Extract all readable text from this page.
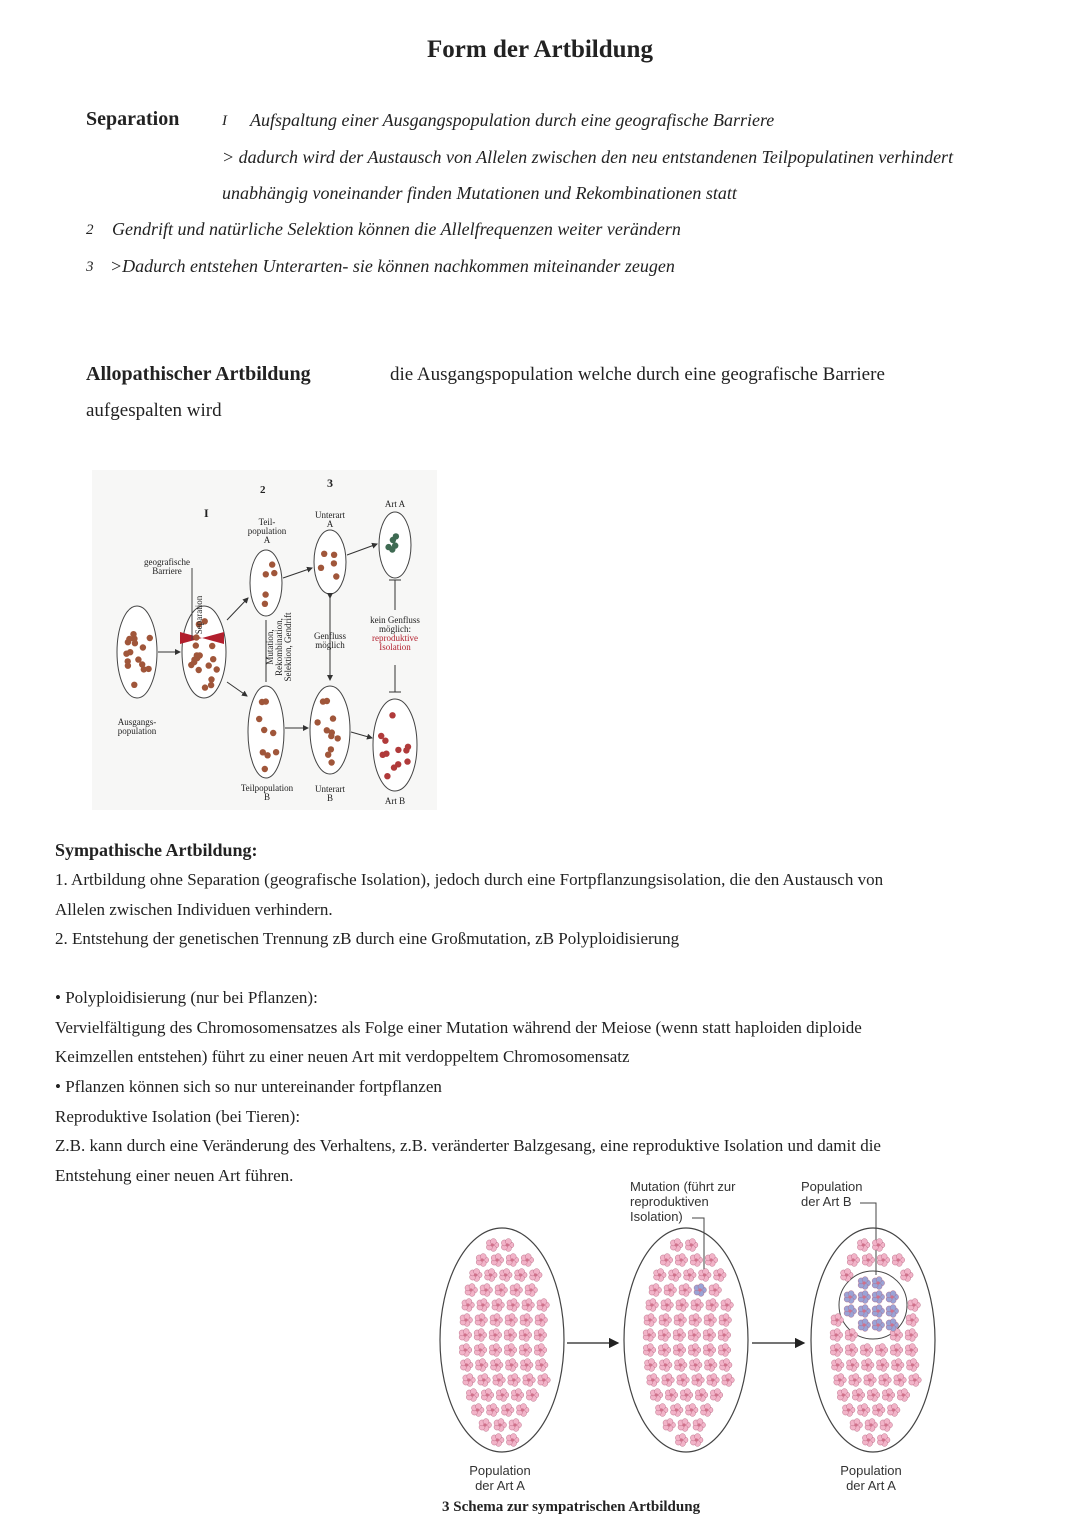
Form der Artbildung
Separation	I Aufspaltung einer Ausgangspopulation durch eine geografische Barriere
> dadurch wird der Austausch von Allelen zwischen den neu entstandenen Teilpopulatinen verhindert
unabhängig voneinander finden Mutationen und Rekombinationen statt
2 Gendrift und natürliche Selektion können die Allelfrequenzen weiter verändern
3 >Dadurch entstehen Unterarten- sie können nachkommen miteinander zeugen
Allopathischer Artbildung	die Ausgangspopulation welche durch eine geografische Barriere
aufgespalten wird
I
2	3
geografische
Barriere
Ausgangs-
population
Teil-
population
A
Teilpopulation
B
Unterart
A
Unterart
B
Art A
Art B
Genfluss
möglich
kein Genfluss
möglich:
reproduktive
Isolation
Separation
Mutation, Rekombination, Selektion, Gendrift
Sympathische Artbildung:
1. Artbildung ohne Separation (geografische Isolation), jedoch durch eine Fortpflanzungsisolation, die den Austausch von
Allelen zwischen Individuen verhindern.
2. Entstehung der genetischen Trennung zB durch eine Großmutation, zB Polyploidisierung
• Polyploidisierung (nur bei Pflanzen):
Vervielfältigung des Chromosomensatzes als Folge einer Mutation während der Meiose (wenn statt haploiden diploide
Keimzellen entstehen) führt zu einer neuen Art mit verdoppeltem Chromosomensatz
• Pflanzen können sich so nur untereinander fortpflanzen
Reproduktive Isolation (bei Tieren):
Z.B. kann durch eine Veränderung des Verhaltens, z.B. veränderter Balzgesang, eine reproduktive Isolation und damit die
Entstehung einer neuen Art führen.
Mutation (führt zur
reproduktiven
Isolation)
Population
der Art B
Population
der Art A
Population
der Art A
3 Schema zur sympatrischen Artbildung
